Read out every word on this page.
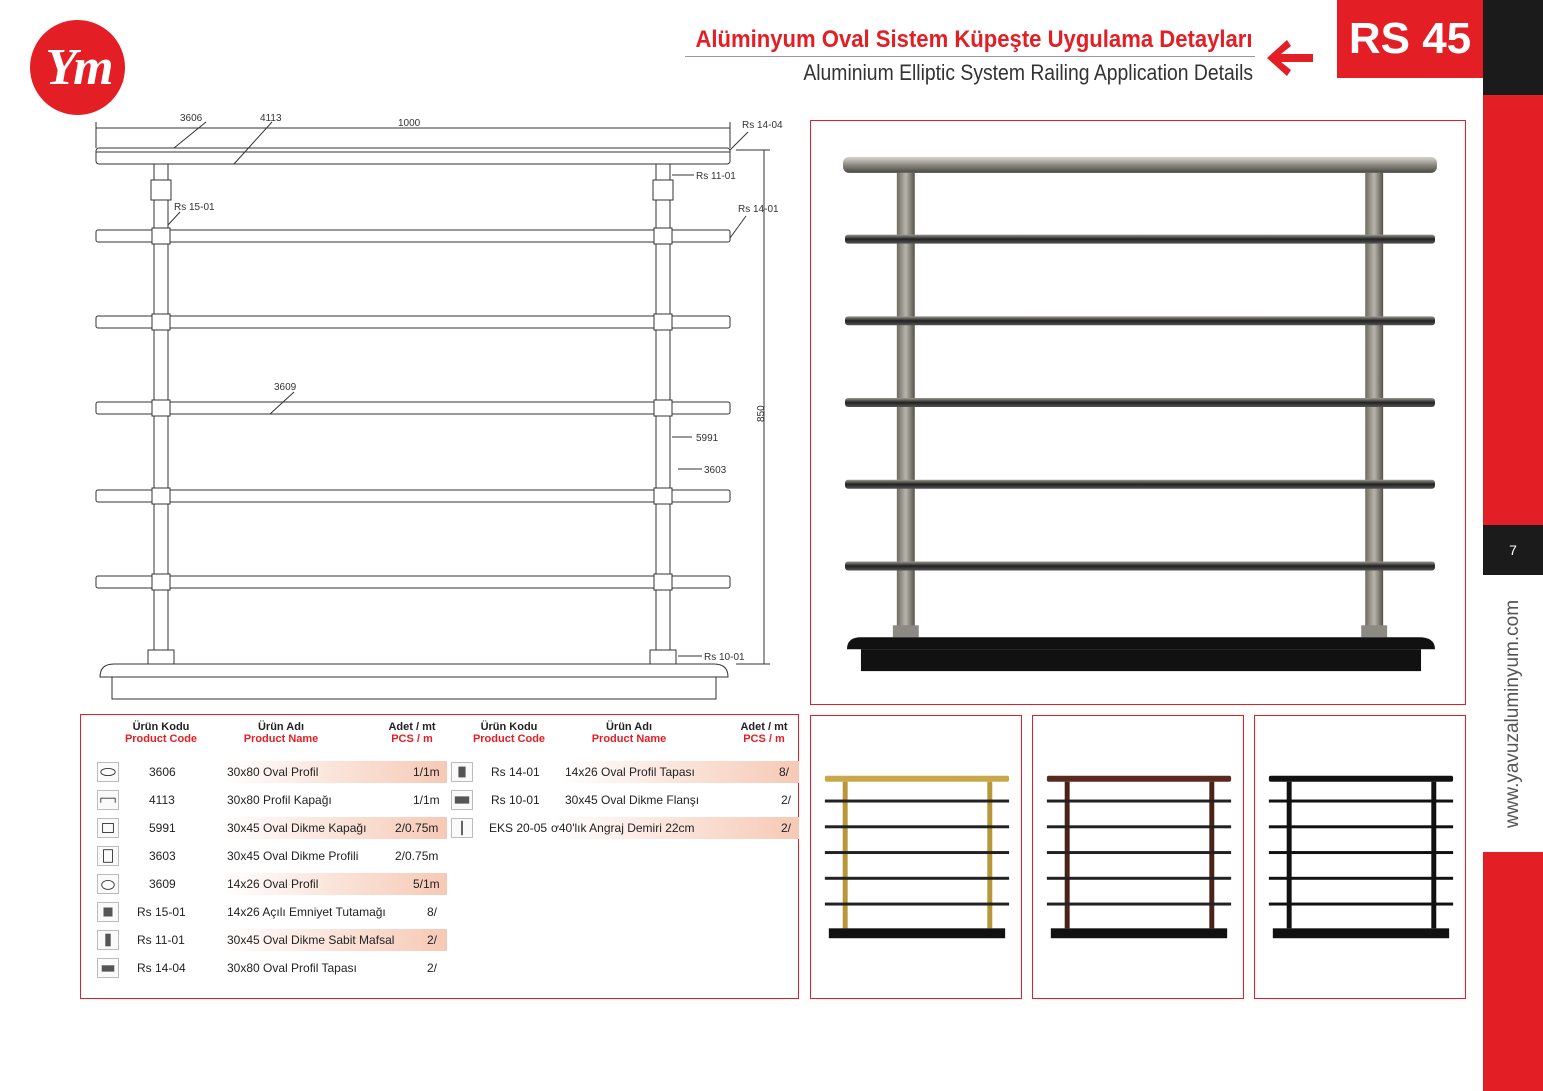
Ym	Alüminyum Oval Sistem Küpeşte Uygulama Detayları
Aluminium Elliptic System Railing Application Details
RS 45
7
www.yavuzaluminyum.com
1000
3606	4113
Rs 14-04
Rs 11-01
Rs 15-01	Rs 14-01
3609
5991
3603
Rs 10-01
850
Ürün Kodu
Product Code
Ürün Adı
Product Name
Adet / mt
PCS / m
Ürün Kodu
Product Code
Ürün Adı
Product Name
Adet / mt
PCS / m
3606	30x80 Oval Profil	1/1m
4113	30x80 Profil Kapağı	1/1m
5991	30x45 Oval Dikme Kapağı 2/0.75m
3603	30x45 Oval Dikme Profili	2/0.75m
3609	14x26 Oval Profil	5/1m
Rs 15-01	14x26 Açılı Emniyet Tutamağı	8/
Rs 11-01	30x45 Oval Dikme Sabit Mafsal	2/
Rs 14-04	30x80 Oval Profil Tapası	2/
Rs 14-01 14x26 Oval Profil Tapası	8/
Rs 10-01 30x45 Oval Dikme Flanşı	2/
EKS 20-05 ơ40'lık Angraj Demiri 22cm	2/
